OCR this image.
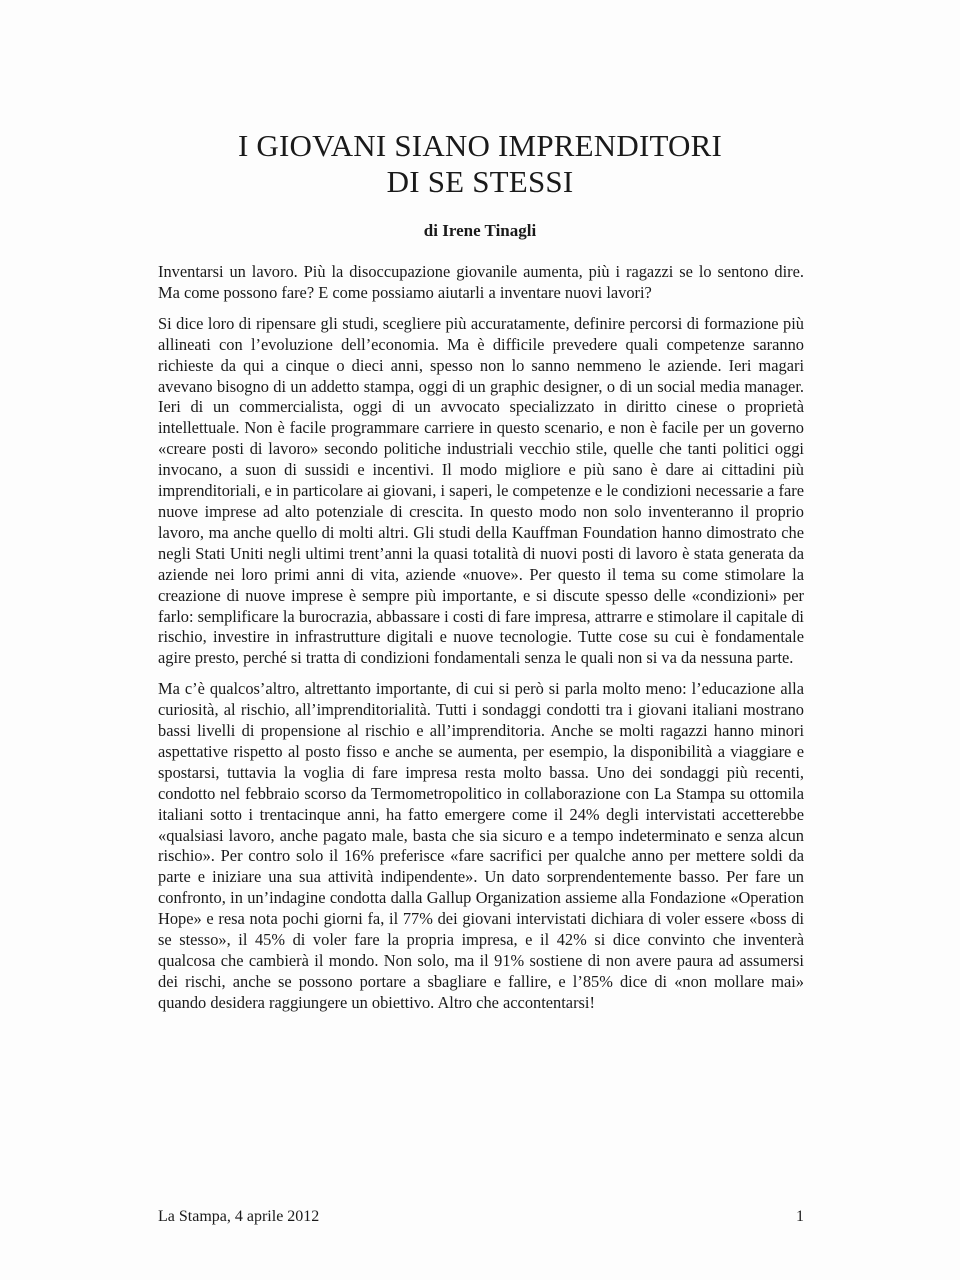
I GIOVANI SIANO IMPRENDITORI
DI SE STESSI
di Irene Tinagli

Inventarsi un lavoro. Più la disoccupazione giovanile aumenta, più i ragazzi se lo sentono dire. Ma come possono fare? E come possiamo aiutarli a inventare nuovi lavori?

Si dice loro di ripensare gli studi, scegliere più accuratamente, definire percorsi di formazione più allineati con l’evoluzione dell’economia. Ma è difficile prevedere quali competenze saranno richieste da qui a cinque o dieci anni, spesso non lo sanno nemmeno le aziende. Ieri magari avevano bisogno di un addetto stampa, oggi di un graphic designer, o di un social media manager. Ieri di un commercialista, oggi di un avvocato specializzato in diritto cinese o proprietà intellettuale. Non è facile programmare carriere in questo scenario, e non è facile per un governo «creare posti di lavoro» secondo politiche industriali vecchio stile, quelle che tanti politici oggi invocano, a suon di sussidi e incentivi. Il modo migliore e più sano è dare ai cittadini più imprenditoriali, e in particolare ai giovani, i saperi, le competenze e le condizioni necessarie a fare nuove imprese ad alto potenziale di crescita. In questo modo non solo inventeranno il proprio lavoro, ma anche quello di molti altri. Gli studi della Kauffman Foundation hanno dimostrato che negli Stati Uniti negli ultimi trent’anni la quasi totalità di nuovi posti di lavoro è stata generata da aziende nei loro primi anni di vita, aziende «nuove». Per questo il tema su come stimolare la creazione di nuove imprese è sempre più importante, e si discute spesso delle «condizioni» per farlo: semplificare la burocrazia, abbassare i costi di fare impresa, attrarre e stimolare il capitale di rischio, investire in infrastrutture digitali e nuove tecnologie. Tutte cose su cui è fondamentale agire presto, perché si tratta di condizioni fondamentali senza le quali non si va da nessuna parte.

Ma c’è qualcos’altro, altrettanto importante, di cui si però si parla molto meno: l’educazione alla curiosità, al rischio, all’imprenditorialità. Tutti i sondaggi condotti tra i giovani italiani mostrano bassi livelli di propensione al rischio e all’imprenditoria. Anche se molti ragazzi hanno minori aspettative rispetto al posto fisso e anche se aumenta, per esempio, la disponibilità a viaggiare e spostarsi, tuttavia la voglia di fare impresa resta molto bassa. Uno dei sondaggi più recenti, condotto nel febbraio scorso da Termometropolitico in collaborazione con La Stampa su ottomila italiani sotto i trentacinque anni, ha fatto emergere come il 24% degli intervistati accetterebbe «qualsiasi lavoro, anche pagato male, basta che sia sicuro e a tempo indeterminato e senza alcun rischio». Per contro solo il 16% preferisce «fare sacrifici per qualche anno per mettere soldi da parte e iniziare una sua attività indipendente». Un dato sorprendentemente basso. Per fare un confronto, in un’indagine condotta dalla Gallup Organization assieme alla Fondazione «Operation Hope» e resa nota pochi giorni fa, il 77% dei giovani intervistati dichiara di voler essere «boss di se stesso», il 45% di voler fare la propria impresa, e il 42% si dice convinto che inventerà qualcosa che cambierà il mondo. Non solo, ma il 91% sostiene di non avere paura ad assumersi dei rischi, anche se possono portare a sbagliare e fallire, e l’85% dice di «non mollare mai» quando desidera raggiungere un obiettivo. Altro che accontentarsi!

La Stampa, 4 aprile 2012	1
